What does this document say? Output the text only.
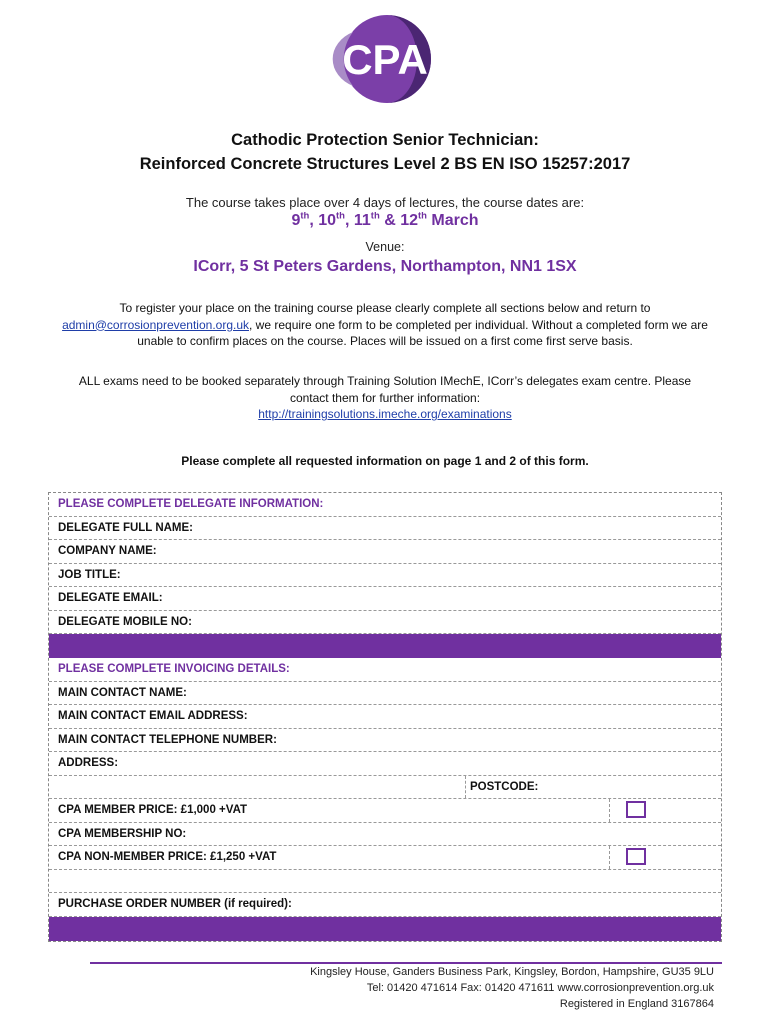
CPA
Cathodic Protection Senior Technician:
Reinforced Concrete Structures Level 2 BS EN ISO 15257:2017
The course takes place over 4 days of lectures, the course dates are:
9th, 10th, 11th & 12th March
Venue:
ICorr, 5 St Peters Gardens, Northampton, NN1 1SX
To register your place on the training course please clearly complete all sections below and return to admin@corrosionprevention.org.uk, we require one form to be completed per individual. Without a completed form we are unable to confirm places on the course. Places will be issued on a first come first serve basis.
ALL exams need to be booked separately through Training Solution IMechE, ICorr’s delegates exam centre. Please contact them for further information:
http://trainingsolutions.imeche.org/examinations
Please complete all requested information on page 1 and 2 of this form.
PLEASE COMPLETE DELEGATE INFORMATION:
DELEGATE FULL NAME:
COMPANY NAME:
JOB TITLE:
DELEGATE EMAIL:
DELEGATE MOBILE NO:
PLEASE COMPLETE INVOICING DETAILS:
MAIN CONTACT NAME:
MAIN CONTACT EMAIL ADDRESS:
MAIN CONTACT TELEPHONE NUMBER:
ADDRESS:
POSTCODE:
CPA MEMBER PRICE: £1,000 +VAT
CPA MEMBERSHIP NO:
CPA NON-MEMBER PRICE: £1,250 +VAT
PURCHASE ORDER NUMBER (if required):
Kingsley House, Ganders Business Park, Kingsley, Bordon, Hampshire, GU35 9LU
Tel: 01420 471614 Fax: 01420 471611 www.corrosionprevention.org.uk
Registered in England 3167864
